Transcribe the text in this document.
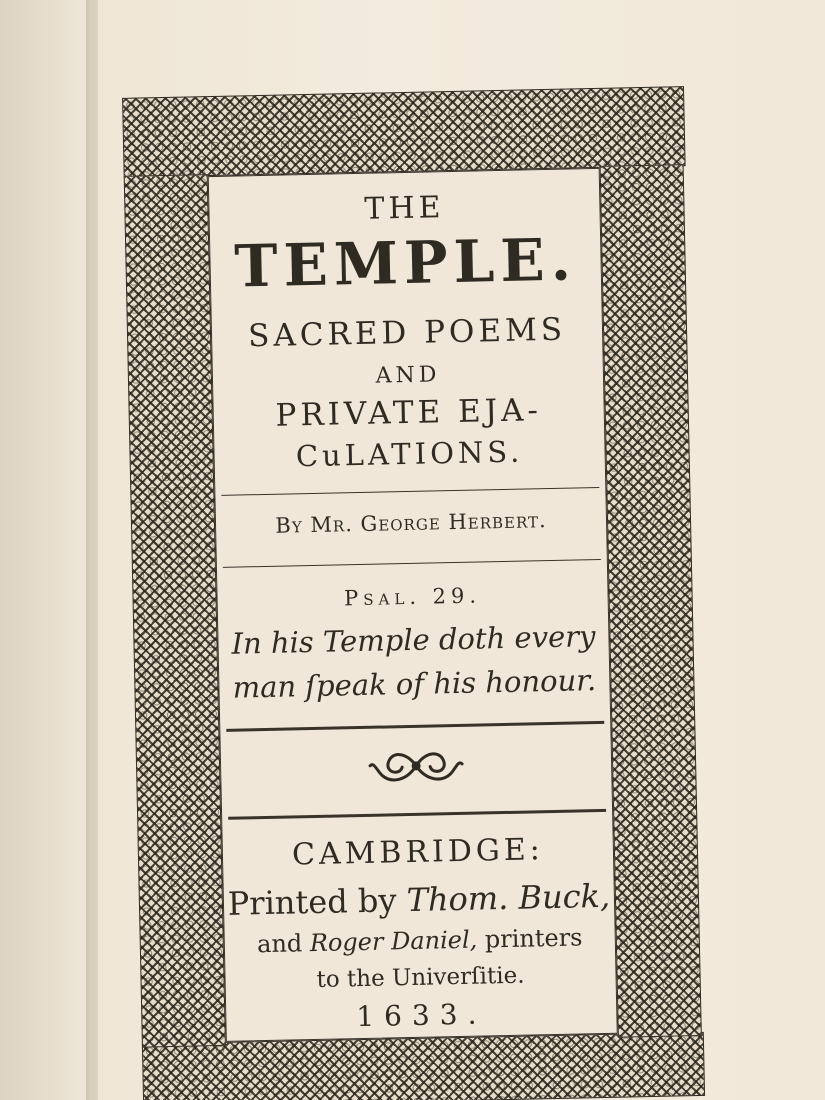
THE
TEMPLE.
SACRED POEMS
AND
PRIVATE EJA-
CuLATIONS.
By Mr. George Herbert.
Psal. 29.
In his Temple doth every
man ſpeak of his honour.
CAMBRIDGE:
Printed by Thom. Buck,
and Roger Daniel, printers
to the Univerſitie.
1633.
